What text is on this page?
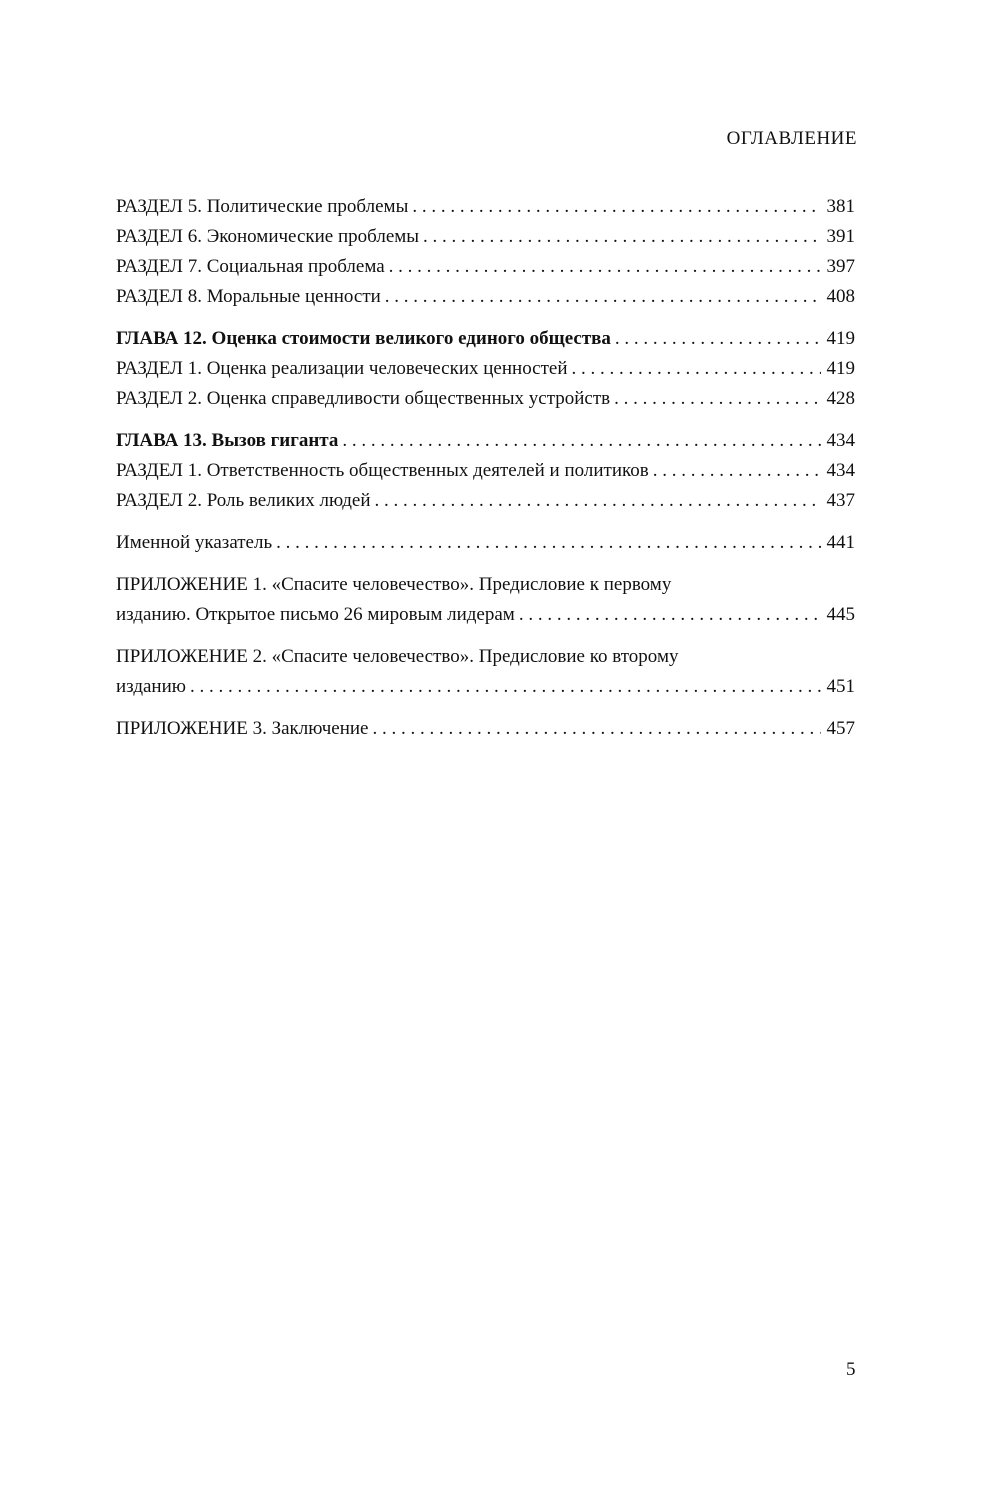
ОГЛАВЛЕНИЕ
РАЗДЕЛ 5. Политические проблемы . . .	381
РАЗДЕЛ 6. Экономические проблемы . . .	391
РАЗДЕЛ 7. Социальная проблема . . .	397
РАЗДЕЛ 8. Моральные ценности . . .	408
ГЛАВА 12. Оценка стоимости великого единого общества . . .	419
РАЗДЕЛ 1. Оценка реализации человеческих ценностей . . .	419
РАЗДЕЛ 2. Оценка справедливости общественных устройств . . .	428
ГЛАВА 13. Вызов гиганта . . .	434
РАЗДЕЛ 1. Ответственность общественных деятелей и политиков . . .	434
РАЗДЕЛ 2. Роль великих людей . . .	437
Именной указатель . . .	441
ПРИЛОЖЕНИЕ 1. «Спасите человечество». Предисловие к первому
изданию. Открытое письмо 26 мировым лидерам . . .	445
ПРИЛОЖЕНИЕ 2. «Спасите человечество». Предисловие ко второму
изданию . . .	451
ПРИЛОЖЕНИЕ 3. Заключение . . .	457
5
